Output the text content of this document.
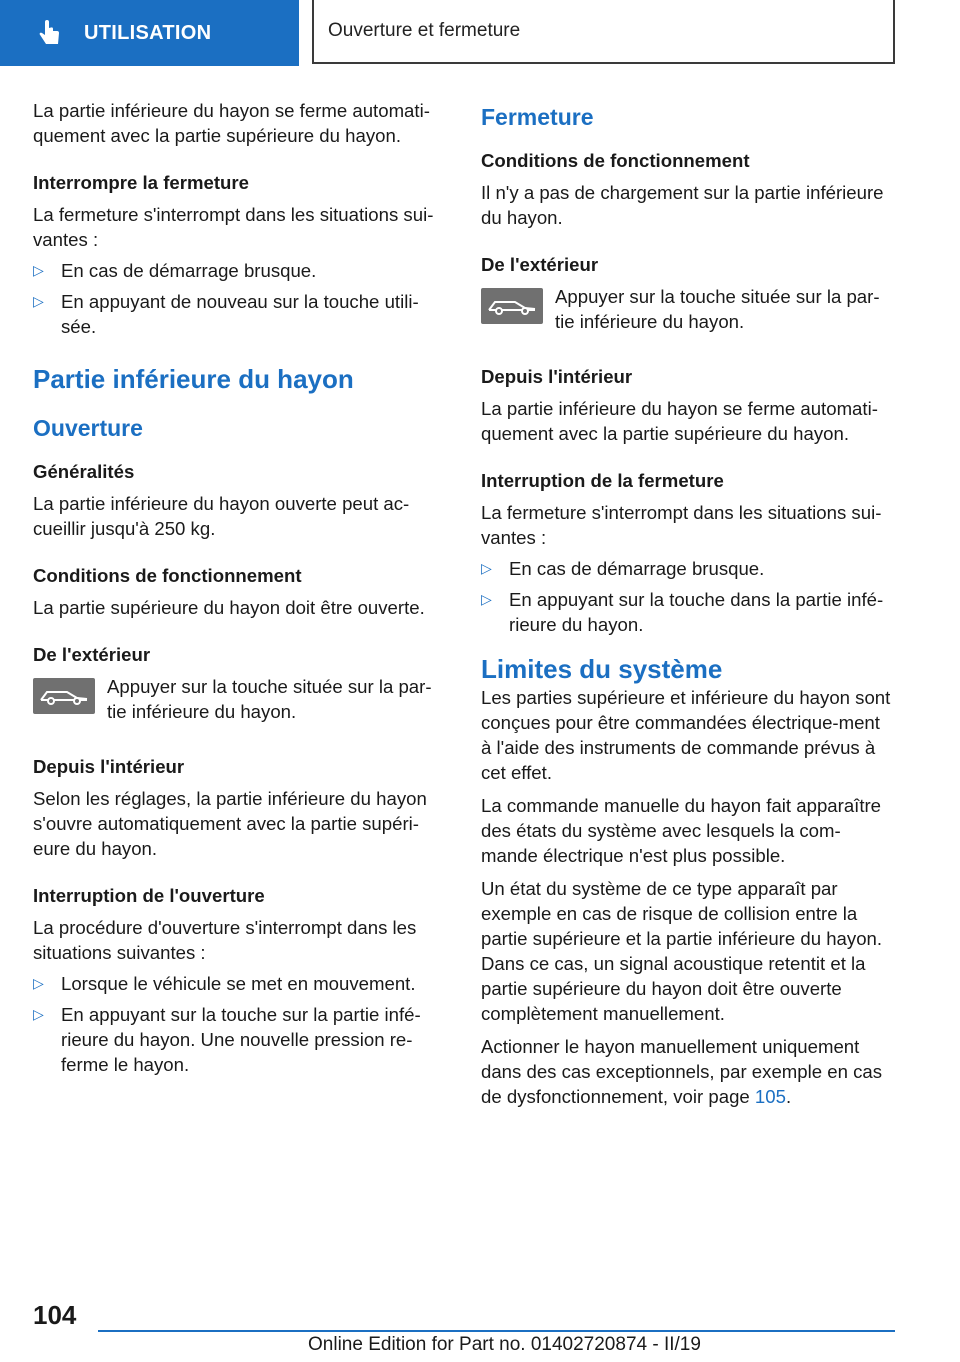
UTILISATION	Ouverture et fermeture

La partie inférieure du hayon se ferme automati-quement avec la partie supérieure du hayon.

Interrompre la fermeture

La fermeture s'interrompt dans les situations sui-vantes :

▷ En cas de démarrage brusque.
▷ En appuyant de nouveau sur la touche utili-sée.
Partie inférieure du hayon
Ouverture
Généralités

La partie inférieure du hayon ouverte peut ac-cueillir jusqu'à 250 kg.

Conditions de fonctionnement

La partie supérieure du hayon doit être ouverte.

De l'extérieur

Appuyer sur la touche située sur la par-tie inférieure du hayon.

Depuis l'intérieur

Selon les réglages, la partie inférieure du hayon s'ouvre automatiquement avec la partie supéri-eure du hayon.

Interruption de l'ouverture

La procédure d'ouverture s'interrompt dans les situations suivantes :

▷ Lorsque le véhicule se met en mouvement.
▷ En appuyant sur la touche sur la partie infé-rieure du hayon. Une nouvelle pression re-ferme le hayon.
Fermeture
Conditions de fonctionnement

Il n'y a pas de chargement sur la partie inférieure du hayon.

De l'extérieur

Appuyer sur la touche située sur la par-tie inférieure du hayon.

Depuis l'intérieur

La partie inférieure du hayon se ferme automati-quement avec la partie supérieure du hayon.

Interruption de la fermeture

La fermeture s'interrompt dans les situations sui-vantes :

▷ En cas de démarrage brusque.
▷ En appuyant sur la touche dans la partie infé-rieure du hayon.
Limites du système

Les parties supérieure et inférieure du hayon sont conçues pour être commandées électrique-ment à l'aide des instruments de commande prévus à cet effet.

La commande manuelle du hayon fait apparaître des états du système avec lesquels la com-mande électrique n'est plus possible.

Un état du système de ce type apparaît par exemple en cas de risque de collision entre la partie supérieure et la partie inférieure du hayon. Dans ce cas, un signal acoustique retentit et la partie supérieure du hayon doit être ouverte complètement manuellement.

Actionner le hayon manuellement uniquement dans des cas exceptionnels, par exemple en cas de dysfonctionnement, voir page 105.

104
Online Edition for Part no. 01402720874 - II/19
